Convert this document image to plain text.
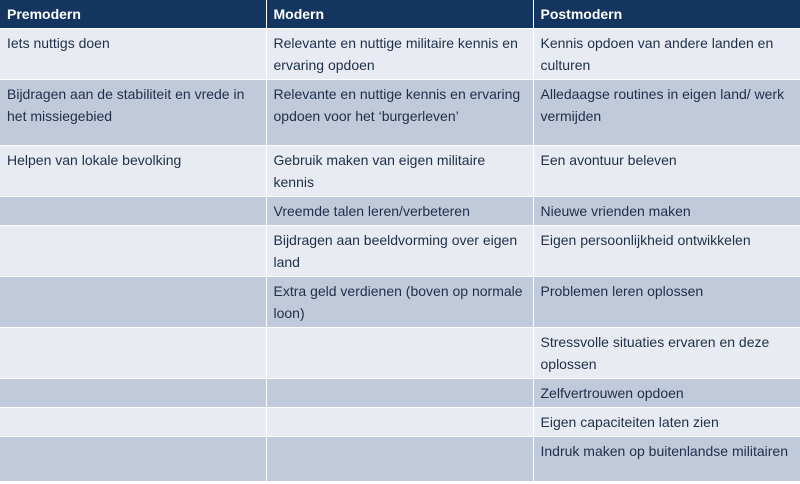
Premodern	Modern	Postmodern
Iets nuttigs doen	Relevante en nuttige militaire kennis en ervaring opdoen	Kennis opdoen van andere landen en culturen
Bijdragen aan de stabiliteit en vrede in het missiegebied	Relevante en nuttige kennis en ervaring opdoen voor het ‘burgerleven’	Alledaagse routines in eigen land/ werk vermijden
Helpen van lokale bevolking	Gebruik maken van eigen militaire kennis	Een avontuur beleven
	Vreemde talen leren/verbeteren	Nieuwe vrienden maken
	Bijdragen aan beeldvorming over eigen land	Eigen persoonlijkheid ontwikkelen
	Extra geld verdienen (boven op normale loon)	Problemen leren oplossen
		Stressvolle situaties ervaren en deze oplossen
		Zelfvertrouwen opdoen
		Eigen capaciteiten laten zien
		Indruk maken op buitenlandse militairen
